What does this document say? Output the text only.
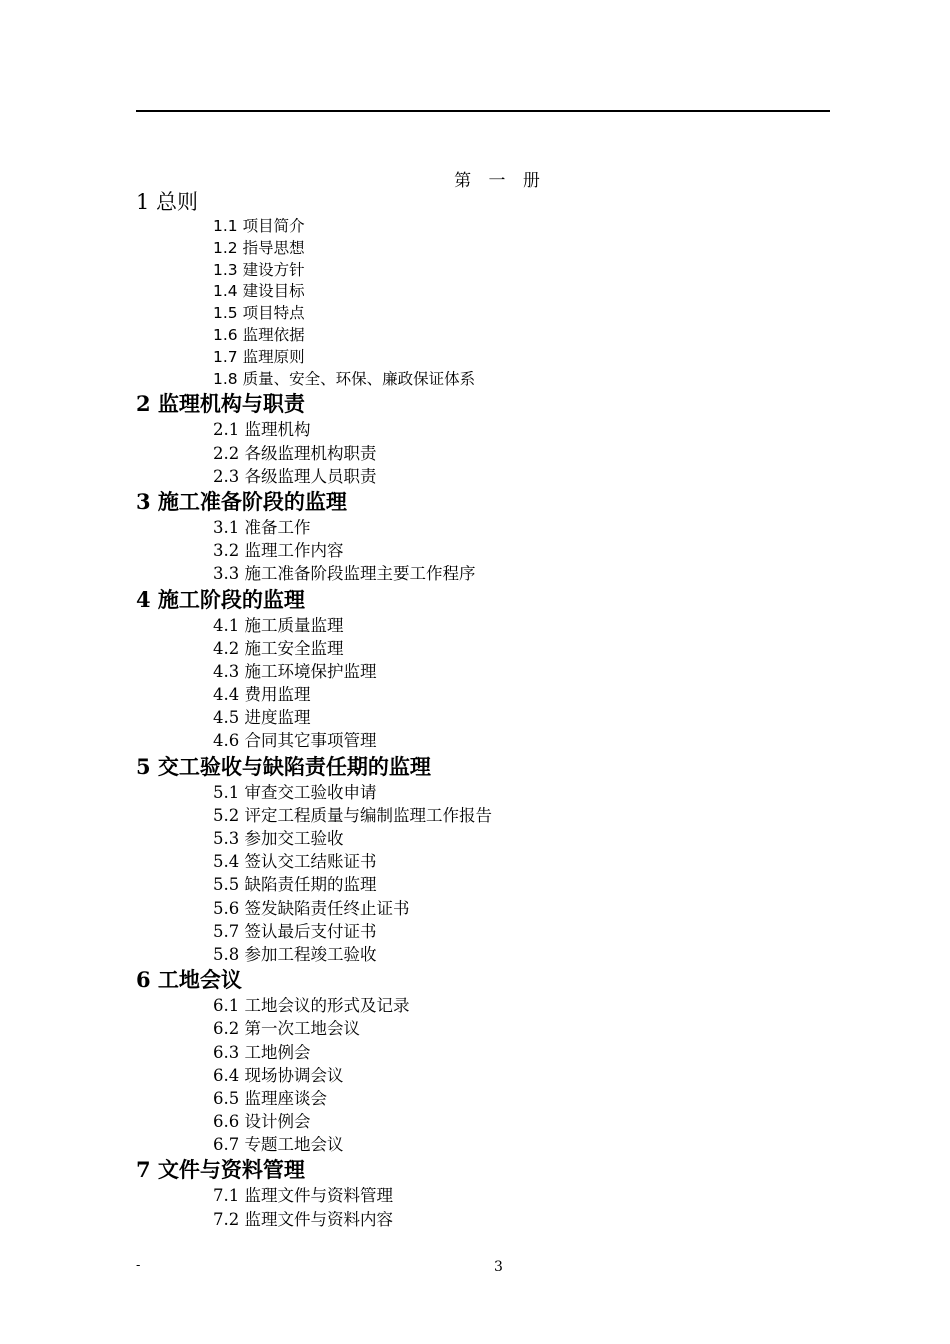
第 一 册
1 总则
1.1 项目简介
1.2 指导思想
1.3 建设方针
1.4 建设目标
1.5 项目特点
1.6 监理依据
1.7 监理原则
1.8 质量、安全、环保、廉政保证体系
2 监理机构与职责
2.1 监理机构
2.2 各级监理机构职责
2.3 各级监理人员职责
3 施工准备阶段的监理
3.1 准备工作
3.2 监理工作内容
3.3 施工准备阶段监理主要工作程序
4 施工阶段的监理
4.1 施工质量监理
4.2 施工安全监理
4.3 施工环境保护监理
4.4 费用监理
4.5 进度监理
4.6 合同其它事项管理
5 交工验收与缺陷责任期的监理
5.1 审查交工验收申请
5.2 评定工程质量与编制监理工作报告
5.3 参加交工验收
5.4 签认交工结账证书
5.5 缺陷责任期的监理
5.6 签发缺陷责任终止证书
5.7 签认最后支付证书
5.8 参加工程竣工验收
6 工地会议
6.1 工地会议的形式及记录
6.2 第一次工地会议
6.3 工地例会
6.4 现场协调会议
6.5 监理座谈会
6.6 设计例会
6.7 专题工地会议
7 文件与资料管理
7.1 监理文件与资料管理
7.2 监理文件与资料内容
-	3
